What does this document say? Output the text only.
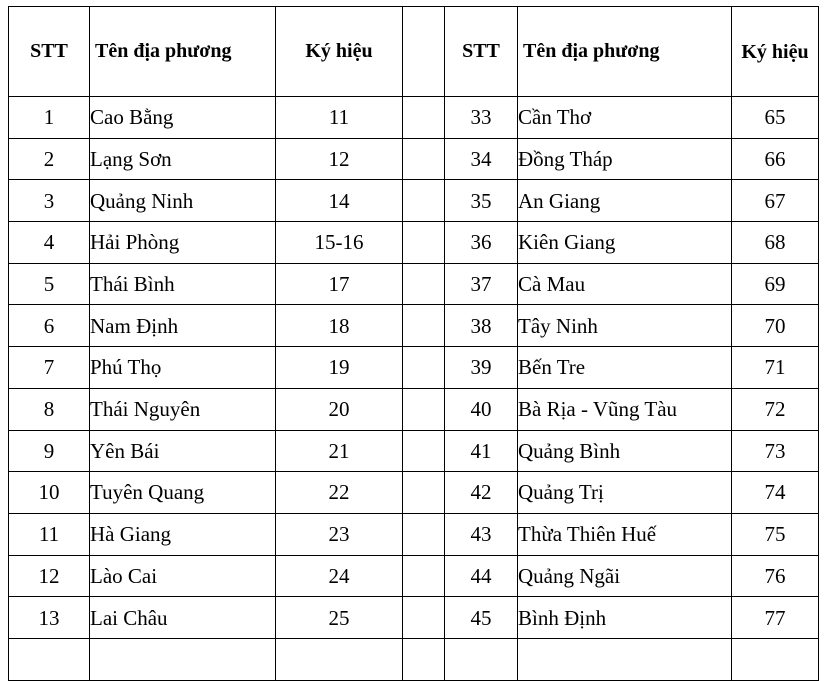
STT	Tên địa phương	Ký hiệu		STT	Tên địa phương	Ký hiệu
1	Cao Bằng	11		33	Cần Thơ	65
2	Lạng Sơn	12		34	Đồng Tháp	66
3	Quảng Ninh	14		35	An Giang	67
4	Hải Phòng	15-16		36	Kiên Giang	68
5	Thái Bình	17		37	Cà Mau	69
6	Nam Định	18		38	Tây Ninh	70
7	Phú Thọ	19		39	Bến Tre	71
8	Thái Nguyên	20		40	Bà Rịa - Vũng Tàu	72
9	Yên Bái	21		41	Quảng Bình	73
10	Tuyên Quang	22		42	Quảng Trị	74
11	Hà Giang	23		43	Thừa Thiên Huế	75
12	Lào Cai	24		44	Quảng Ngãi	76
13	Lai Châu	25		45	Bình Định	77
